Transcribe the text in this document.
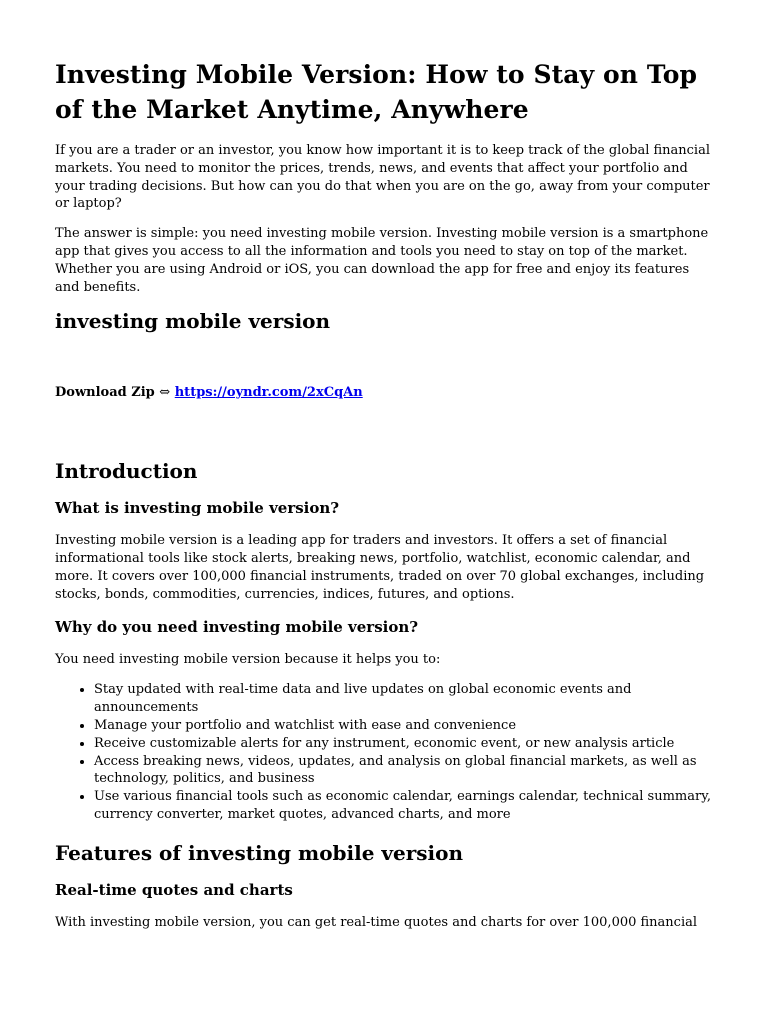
Investing Mobile Version: How to Stay on Top of the Market Anytime, Anywhere

If you are a trader or an investor, you know how important it is to keep track of the global financial markets. You need to monitor the prices, trends, news, and events that affect your portfolio and your trading decisions. But how can you do that when you are on the go, away from your computer or laptop?

The answer is simple: you need investing mobile version. Investing mobile version is a smartphone app that gives you access to all the information and tools you need to stay on top of the market. Whether you are using Android or iOS, you can download the app for free and enjoy its features and benefits.

investing mobile version

Download Zip ⇔ https://oyndr.com/2xCqAn

Introduction
What is investing mobile version?

Investing mobile version is a leading app for traders and investors. It offers a set of financial informational tools like stock alerts, breaking news, portfolio, watchlist, economic calendar, and more. It covers over 100,000 financial instruments, traded on over 70 global exchanges, including stocks, bonds, commodities, currencies, indices, futures, and options.

Why do you need investing mobile version?

You need investing mobile version because it helps you to:

• Stay updated with real-time data and live updates on global economic events and announcements
• Manage your portfolio and watchlist with ease and convenience
• Receive customizable alerts for any instrument, economic event, or new analysis article
• Access breaking news, videos, updates, and analysis on global financial markets, as well as technology, politics, and business
• Use various financial tools such as economic calendar, earnings calendar, technical summary, currency converter, market quotes, advanced charts, and more
Features of investing mobile version
Real-time quotes and charts

With investing mobile version, you can get real-time quotes and charts for over 100,000 financial
